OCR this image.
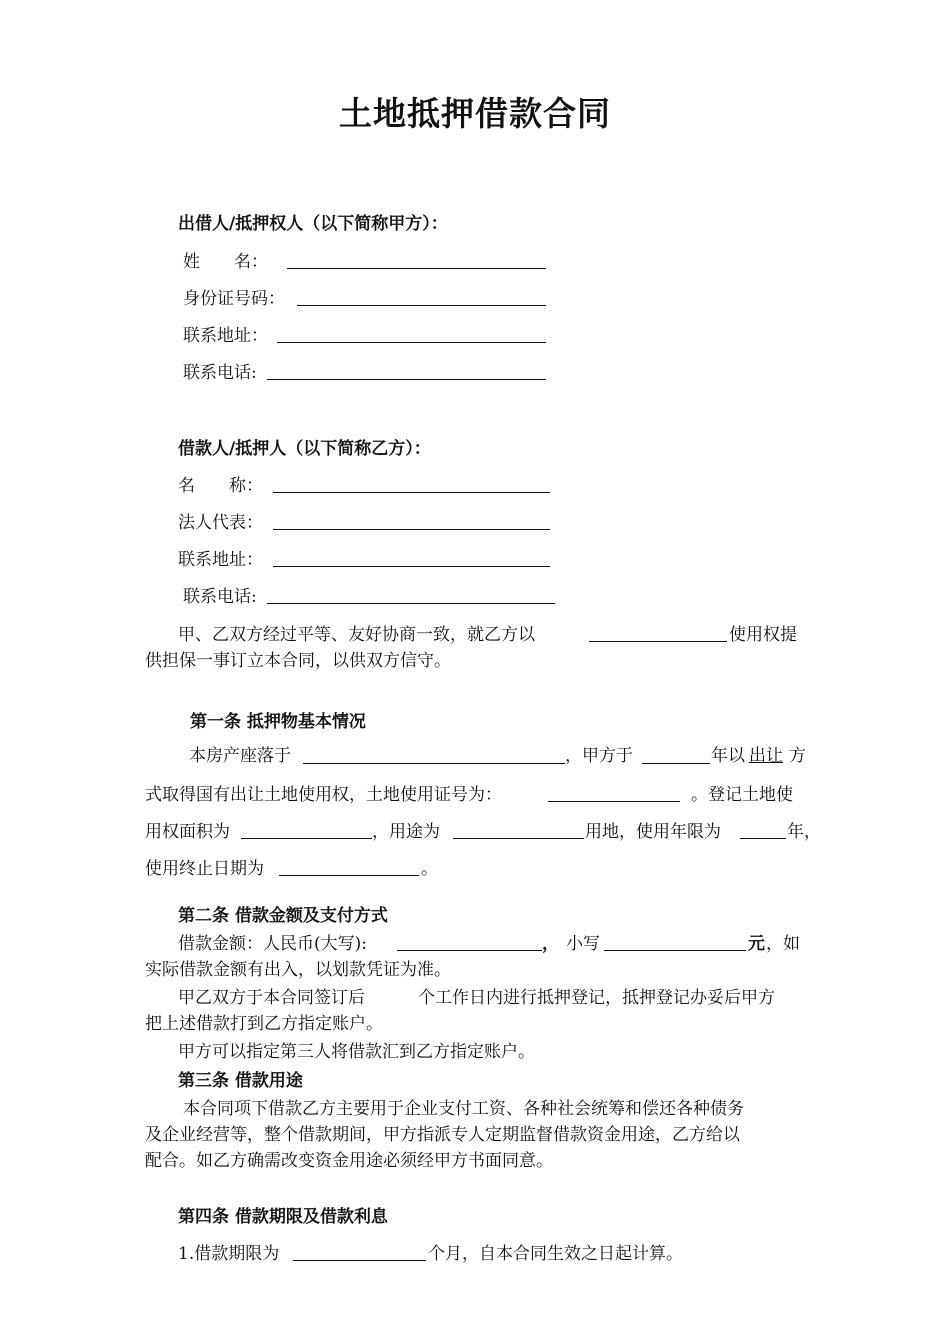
土地抵押借款合同
出借人/抵押权人（以下简称甲方）：
姓　　名：
身份证号码：
联系地址：
联系电话:
借款人/抵押人（以下简称乙方）：
名　　称：
法人代表：
联系地址：
联系电话:
甲、乙双方经过平等、友好协商一致，就乙方以	使用权提
供担保一事订立本合同，以供双方信守。
第一条 抵押物基本情况
本房产座落于	，甲方于	年以 出让 方
式取得国有出让土地使用权，土地使用证号为：	。登记土地使
用权面积为	，用途为	用地，使用年限为	年，
使用终止日期为	。
第二条 借款金额及支付方式
借款金额：人民币(大写):	， 小写	元 ，如
实际借款金额有出入，以划款凭证为准。
甲乙双方于本合同签订后	个工作日内进行抵押登记，抵押登记办妥后甲方
把上述借款打到乙方指定账户。
甲方可以指定第三人将借款汇到乙方指定账户。
第三条 借款用途
本合同项下借款乙方主要用于企业支付工资、各种社会统筹和偿还各种债务
及企业经营等，整个借款期间，甲方指派专人定期监督借款资金用途，乙方给以
配合。如乙方确需改变资金用途必须经甲方书面同意。
第四条 借款期限及借款利息
1.借款期限为	个月，自本合同生效之日起计算。
